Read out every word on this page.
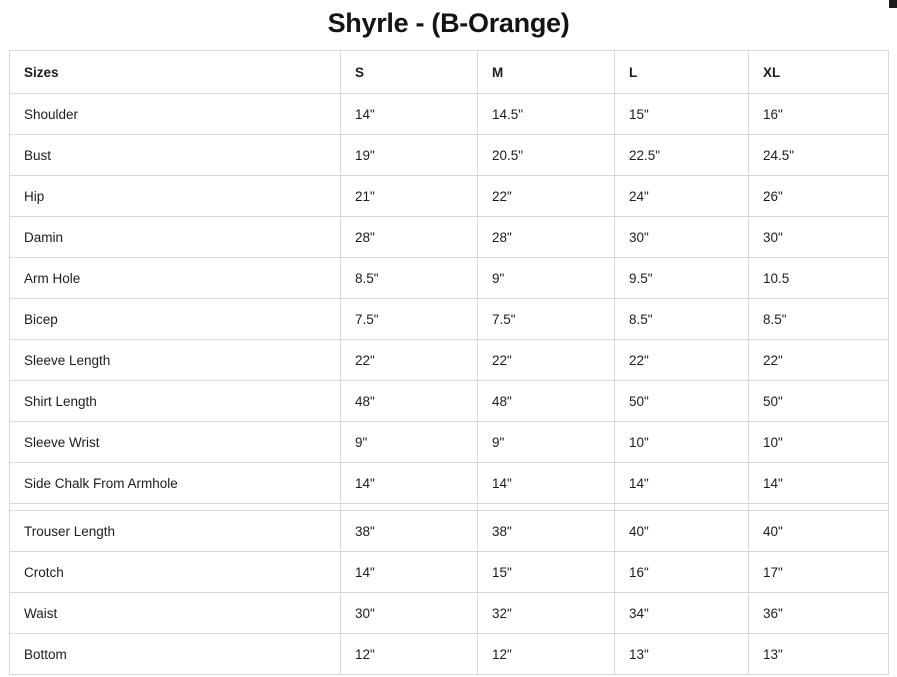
Shyrle - (B-Orange)
Sizes	S	M	L	XL
Shoulder	14"	14.5"	15"	16"
Bust	19"	20.5"	22.5"	24.5"
Hip	21"	22"	24"	26"
Damin	28"	28"	30"	30"
Arm Hole	8.5"	9"	9.5"	10.5
Bicep	7.5"	7.5"	8.5"	8.5"
Sleeve Length	22"	22"	22"	22"
Shirt Length	48"	48"	50"	50"
Sleeve Wrist	9"	9"	10"	10"
Side Chalk From Armhole	14"	14"	14"	14"

Trouser Length	38"	38"	40"	40"
Crotch	14"	15"	16"	17"
Waist	30"	32"	34"	36"
Bottom	12"	12"	13"	13"
